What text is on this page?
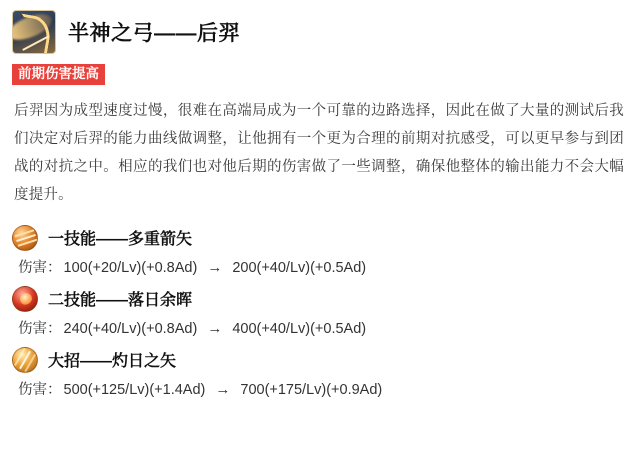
半神之弓——后羿
前期伤害提高

后羿因为成型速度过慢，很难在高端局成为一个可靠的边路选择，因此在做了大量的测试后我们决定对后羿的能力曲线做调整，让他拥有一个更为合理的前期对抗感受，可以更早参与到团战的对抗之中。相应的我们也对他后期的伤害做了一些调整，确保他整体的输出能力不会大幅度提升。

一技能——多重箭矢
伤害： 100(+20/Lv)(+0.8Ad) → 200(+40/Lv)(+0.5Ad)
二技能——落日余晖
伤害： 240(+40/Lv)(+0.8Ad) → 400(+40/Lv)(+0.5Ad)
大招——灼日之矢
伤害： 500(+125/Lv)(+1.4Ad) → 700(+175/Lv)(+0.9Ad)
